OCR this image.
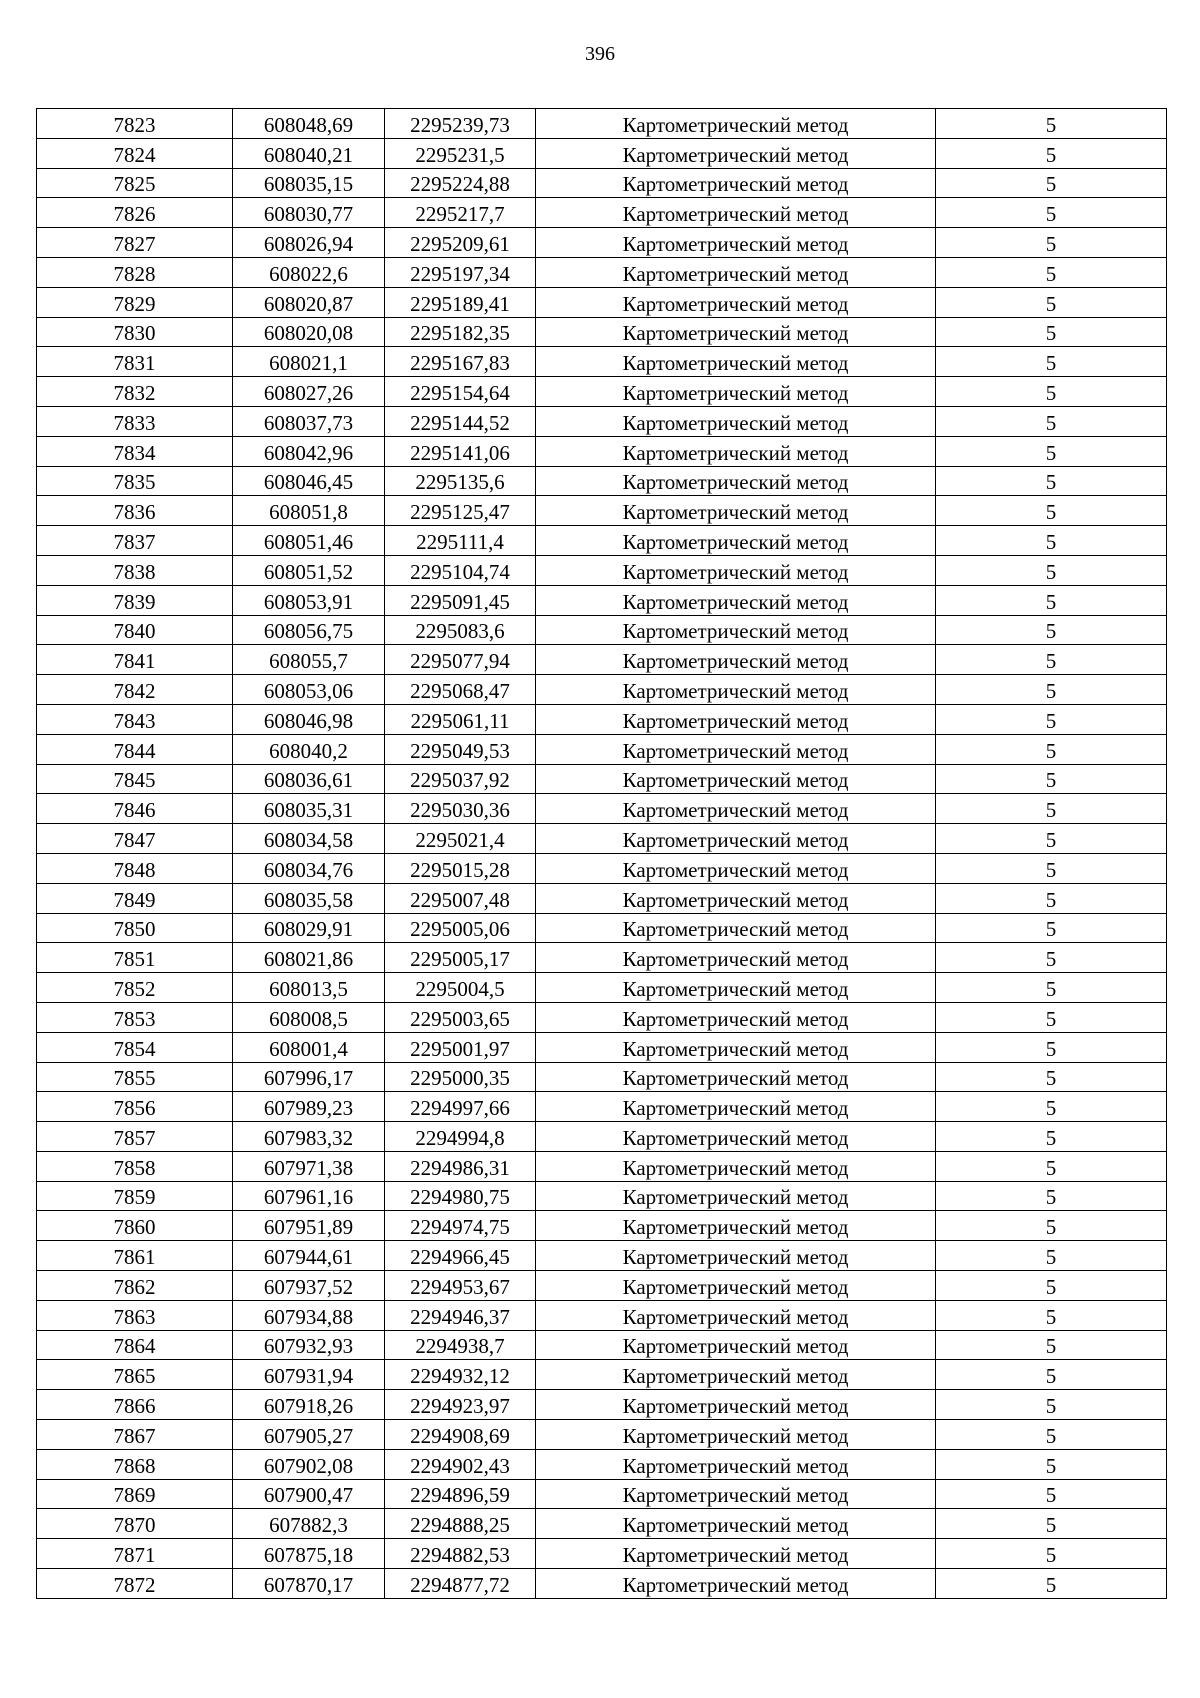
396
7823	608048,69	2295239,73	Картометрический метод	5
7824	608040,21	2295231,5	Картометрический метод	5
7825	608035,15	2295224,88	Картометрический метод	5
7826	608030,77	2295217,7	Картометрический метод	5
7827	608026,94	2295209,61	Картометрический метод	5
7828	608022,6	2295197,34	Картометрический метод	5
7829	608020,87	2295189,41	Картометрический метод	5
7830	608020,08	2295182,35	Картометрический метод	5
7831	608021,1	2295167,83	Картометрический метод	5
7832	608027,26	2295154,64	Картометрический метод	5
7833	608037,73	2295144,52	Картометрический метод	5
7834	608042,96	2295141,06	Картометрический метод	5
7835	608046,45	2295135,6	Картометрический метод	5
7836	608051,8	2295125,47	Картометрический метод	5
7837	608051,46	2295111,4	Картометрический метод	5
7838	608051,52	2295104,74	Картометрический метод	5
7839	608053,91	2295091,45	Картометрический метод	5
7840	608056,75	2295083,6	Картометрический метод	5
7841	608055,7	2295077,94	Картометрический метод	5
7842	608053,06	2295068,47	Картометрический метод	5
7843	608046,98	2295061,11	Картометрический метод	5
7844	608040,2	2295049,53	Картометрический метод	5
7845	608036,61	2295037,92	Картометрический метод	5
7846	608035,31	2295030,36	Картометрический метод	5
7847	608034,58	2295021,4	Картометрический метод	5
7848	608034,76	2295015,28	Картометрический метод	5
7849	608035,58	2295007,48	Картометрический метод	5
7850	608029,91	2295005,06	Картометрический метод	5
7851	608021,86	2295005,17	Картометрический метод	5
7852	608013,5	2295004,5	Картометрический метод	5
7853	608008,5	2295003,65	Картометрический метод	5
7854	608001,4	2295001,97	Картометрический метод	5
7855	607996,17	2295000,35	Картометрический метод	5
7856	607989,23	2294997,66	Картометрический метод	5
7857	607983,32	2294994,8	Картометрический метод	5
7858	607971,38	2294986,31	Картометрический метод	5
7859	607961,16	2294980,75	Картометрический метод	5
7860	607951,89	2294974,75	Картометрический метод	5
7861	607944,61	2294966,45	Картометрический метод	5
7862	607937,52	2294953,67	Картометрический метод	5
7863	607934,88	2294946,37	Картометрический метод	5
7864	607932,93	2294938,7	Картометрический метод	5
7865	607931,94	2294932,12	Картометрический метод	5
7866	607918,26	2294923,97	Картометрический метод	5
7867	607905,27	2294908,69	Картометрический метод	5
7868	607902,08	2294902,43	Картометрический метод	5
7869	607900,47	2294896,59	Картометрический метод	5
7870	607882,3	2294888,25	Картометрический метод	5
7871	607875,18	2294882,53	Картометрический метод	5
7872	607870,17	2294877,72	Картометрический метод	5
